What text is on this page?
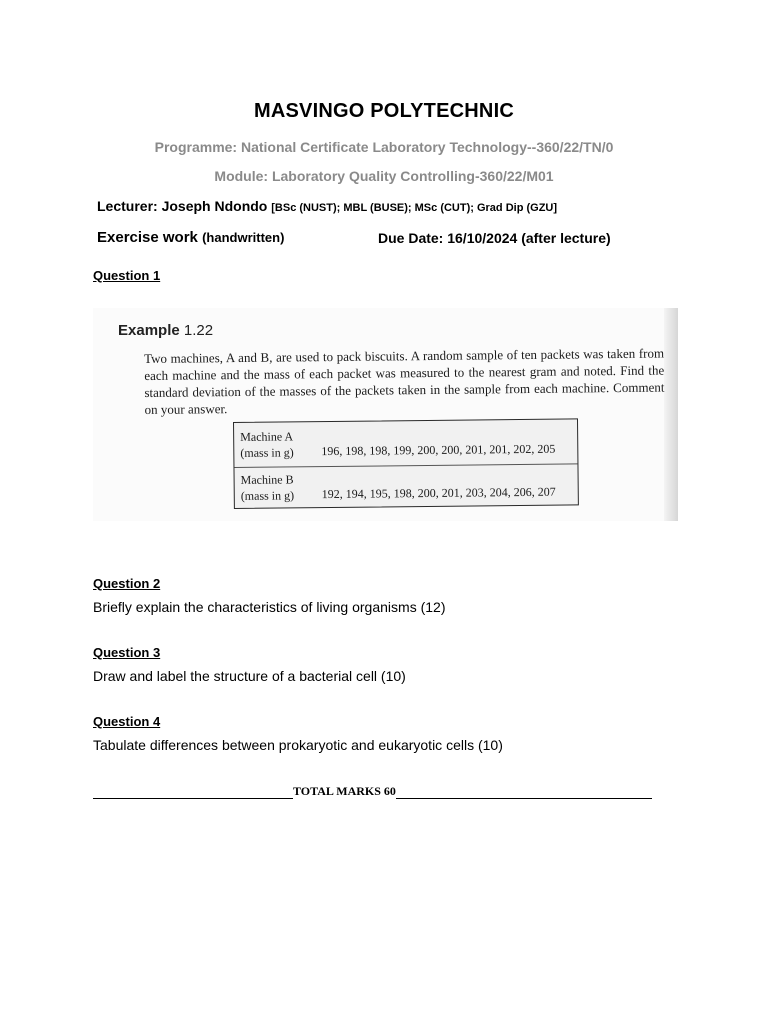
MASVINGO POLYTECHNIC
Programme: National Certificate Laboratory Technology--360/22/TN/0
Module: Laboratory Quality Controlling-360/22/M01
Lecturer: Joseph Ndondo [BSc (NUST); MBL (BUSE); MSc (CUT); Grad Dip (GZU]
Exercise work (handwritten)	Due Date: 16/10/2024 (after lecture)
Question 1
Example 1.22
Two machines, A and B, are used to pack biscuits. A random sample of ten packets was taken from each machine and the mass of each packet was measured to the nearest gram and noted. Find the standard deviation of the masses of the packets taken in the sample from each machine. Comment on your answer.
Machine A
(mass in g) 196, 198, 198, 199, 200, 200, 201, 201, 202, 205
Machine B
(mass in g) 192, 194, 195, 198, 200, 201, 203, 204, 206, 207
Question 2
Briefly explain the characteristics of living organisms (12)
Question 3
Draw and label the structure of a bacterial cell (10)
Question 4
Tabulate differences between prokaryotic and eukaryotic cells (10)
TOTAL MARKS 60
